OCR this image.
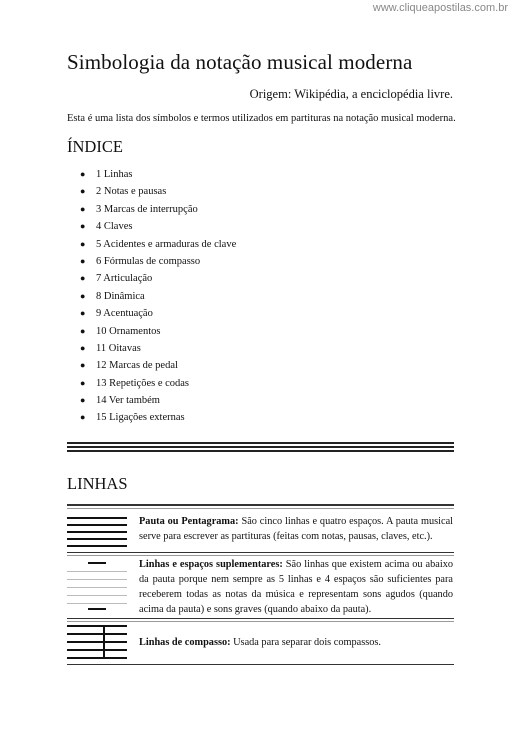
www.cliqueapostilas.com.br
Simbologia da notação musical moderna
Origem: Wikipédia, a enciclopédia livre.
Esta é uma lista dos símbolos e termos utilizados em partituras na notação musical moderna.
ÍNDICE
● 1 Linhas
● 2 Notas e pausas
● 3 Marcas de interrupção
● 4 Claves
● 5 Acidentes e armaduras de clave
● 6 Fórmulas de compasso
● 7 Articulação
● 8 Dinâmica
● 9 Acentuação
● 10 Ornamentos
● 11 Oitavas
● 12 Marcas de pedal
● 13 Repetições e codas
● 14 Ver também
● 15 Ligações externas
LINHAS
Pauta ou Pentagrama: São cinco linhas e quatro espaços. A pauta musical serve para escrever as partituras (feitas com notas, pausas, claves, etc.).
Linhas e espaços suplementares: São linhas que existem acima ou abaixo da pauta porque nem sempre as 5 linhas e 4 espaços são suficientes para receberem todas as notas da música e representam sons agudos (quando acima da pauta) e sons graves (quando abaixo da pauta).
Linhas de compasso: Usada para separar dois compassos.
